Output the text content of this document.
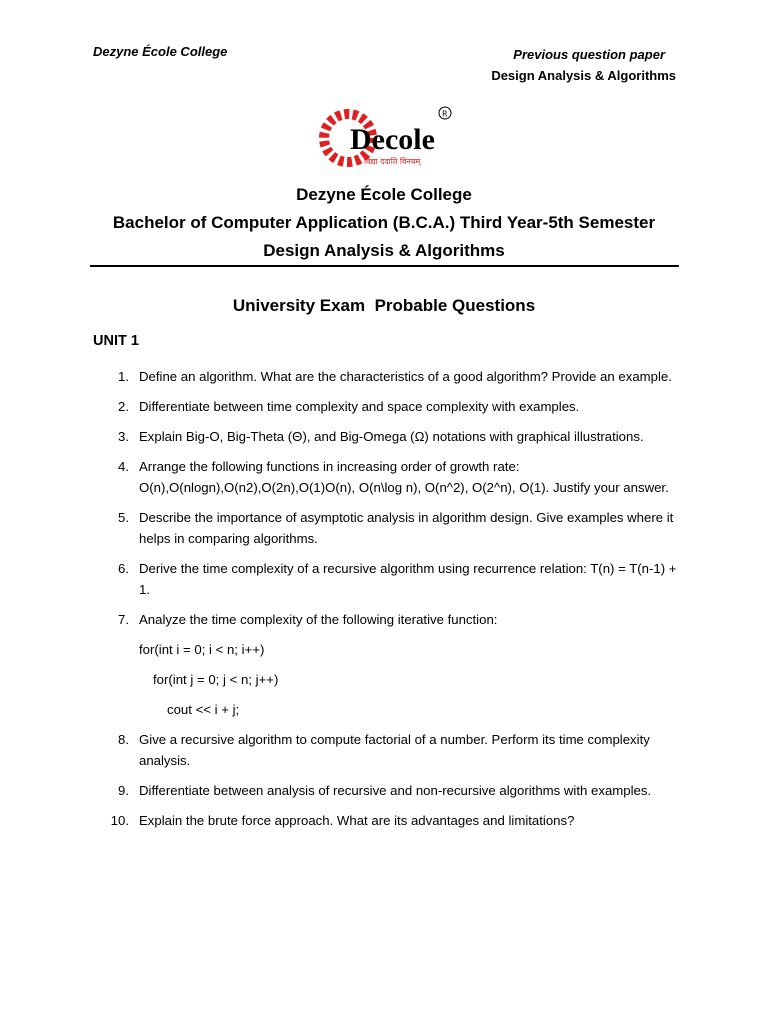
Dezyne École College	Previous question paper
Design Analysis & Algorithms
Decole
विद्या ददाति विनयम्
R
Dezyne École College
Bachelor of Computer Application (B.C.A.) Third Year-5th Semester
Design Analysis & Algorithms
University Exam  Probable Questions
UNIT 1
1. Define an algorithm. What are the characteristics of a good algorithm? Provide an example.
2. Differentiate between time complexity and space complexity with examples.
3. Explain Big-O, Big-Theta (Θ), and Big-Omega (Ω) notations with graphical illustrations.
4. Arrange the following functions in increasing order of growth rate: O(n),O(nlog⁣n),O(n2),O(2n),O(1)O(n), O(n\log n), O(n^2), O(2^n), O(1). Justify your answer.
5. Describe the importance of asymptotic analysis in algorithm design. Give examples where it helps in comparing algorithms.
6. Derive the time complexity of a recursive algorithm using recurrence relation: T(n) = T(n-1) + 1.
7. Analyze the time complexity of the following iterative function:
for(int i = 0; i < n; i++)
for(int j = 0; j < n; j++)
cout << i + j;
8. Give a recursive algorithm to compute factorial of a number. Perform its time complexity analysis.
9. Differentiate between analysis of recursive and non-recursive algorithms with examples.
10. Explain the brute force approach. What are its advantages and limitations?
